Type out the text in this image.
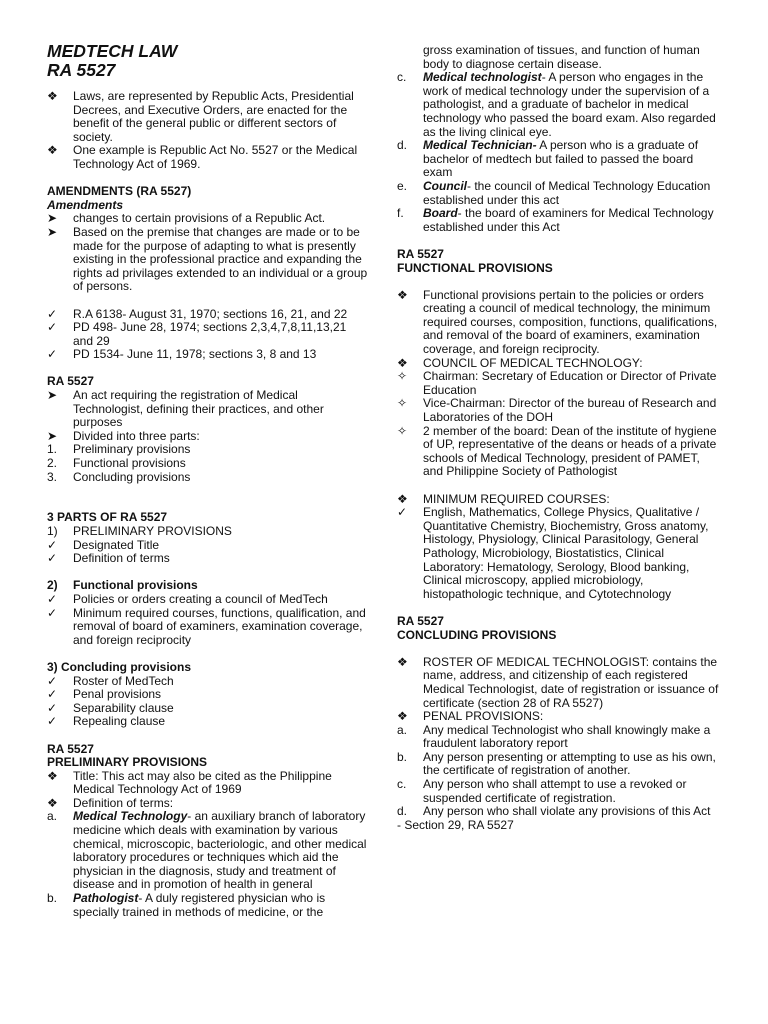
MEDTECH LAW
RA 5527
❖	Laws, are represented by Republic Acts, Presidential Decrees, and Executive Orders, are enacted for the benefit of the general public or different sectors of society.
❖	One example is Republic Act No. 5527 or the Medical Technology Act of 1969.
AMENDMENTS (RA 5527)
Amendments
➤	changes to certain provisions of a Republic Act.
➤	Based on the premise that changes are made or to be made for the purpose of adapting to what is presently existing in the professional practice and expanding the rights ad privilages extended to an individual or a group of persons.
✓	R.A 6138- August 31, 1970; sections 16, 21, and 22
✓	PD 498- June 28, 1974; sections 2,3,4,7,8,11,13,21 and 29
✓	PD 1534- June 11, 1978; sections 3, 8 and 13
RA 5527
➤	An act requiring the registration of Medical Technologist, defining their practices, and other purposes
➤	Divided into three parts:
1.	Preliminary provisions
2.	Functional provisions
3.	Concluding provisions
3 PARTS OF RA 5527
1)	PRELIMINARY PROVISIONS
✓	Designated Title
✓	Definition of terms
2)	Functional provisions
✓	Policies or orders creating a council of MedTech
✓	Minimum required courses, functions, qualification, and removal of board of examiners, examination coverage, and foreign reciprocity
3) Concluding provisions
✓	Roster of MedTech
✓	Penal provisions
✓	Separability clause
✓	Repealing clause
RA 5527
PRELIMINARY PROVISIONS
❖	Title: This act may also be cited as the Philippine Medical Technology Act of 1969
❖	Definition of terms:
a.	Medical Technology- an auxiliary branch of laboratory medicine which deals with examination by various chemical, microscopic, bacteriologic, and other medical laboratory procedures or techniques which aid the physician in the diagnosis, study and treatment of disease and in promotion of health in general
b.	Pathologist- A duly registered physician who is specially trained in methods of medicine, or the
gross examination of tissues, and function of human body to diagnose certain disease.
c.	Medical technologist- A person who engages in the work of medical technology under the supervision of a pathologist, and a graduate of bachelor in medical technology who passed the board exam. Also regarded as the living clinical eye.
d.	Medical Technician- A person who is a graduate of bachelor of medtech but failed to passed the board exam
e.	Council- the council of Medical Technology Education established under this act
f.	Board- the board of examiners for Medical Technology established under this Act
RA 5527
FUNCTIONAL PROVISIONS
❖	Functional provisions pertain to the policies or orders creating a council of medical technology, the minimum required courses, composition, functions, qualifications, and removal of the board of examiners, examination coverage, and foreign reciprocity.
❖	COUNCIL OF MEDICAL TECHNOLOGY:
✧	Chairman: Secretary of Education or Director of Private Education
✧	Vice-Chairman: Director of the bureau of Research and Laboratories of the DOH
✧	2 member of the board: Dean of the institute of hygiene of UP, representative of the deans or heads of a private schools of Medical Technology, president of PAMET, and Philippine Society of Pathologist
❖	MINIMUM REQUIRED COURSES:
✓	English, Mathematics, College Physics, Qualitative / Quantitative Chemistry, Biochemistry, Gross anatomy, Histology, Physiology, Clinical Parasitology, General Pathology, Microbiology, Biostatistics, Clinical Laboratory: Hematology, Serology, Blood banking, Clinical microscopy, applied microbiology, histopathologic technique, and Cytotechnology
RA 5527
CONCLUDING PROVISIONS
❖	ROSTER OF MEDICAL TECHNOLOGIST: contains the name, address, and citizenship of each registered Medical Technologist, date of registration or issuance of certificate (section 28 of RA 5527)
❖	PENAL PROVISIONS:
a.	Any medical Technologist who shall knowingly make a fraudulent laboratory report
b.	Any person presenting or attempting to use as his own, the certificate of registration of another.
c.	Any person who shall attempt to use a revoked or suspended certificate of registration.
d.	Any person who shall violate any provisions of this Act
- Section 29, RA 5527
